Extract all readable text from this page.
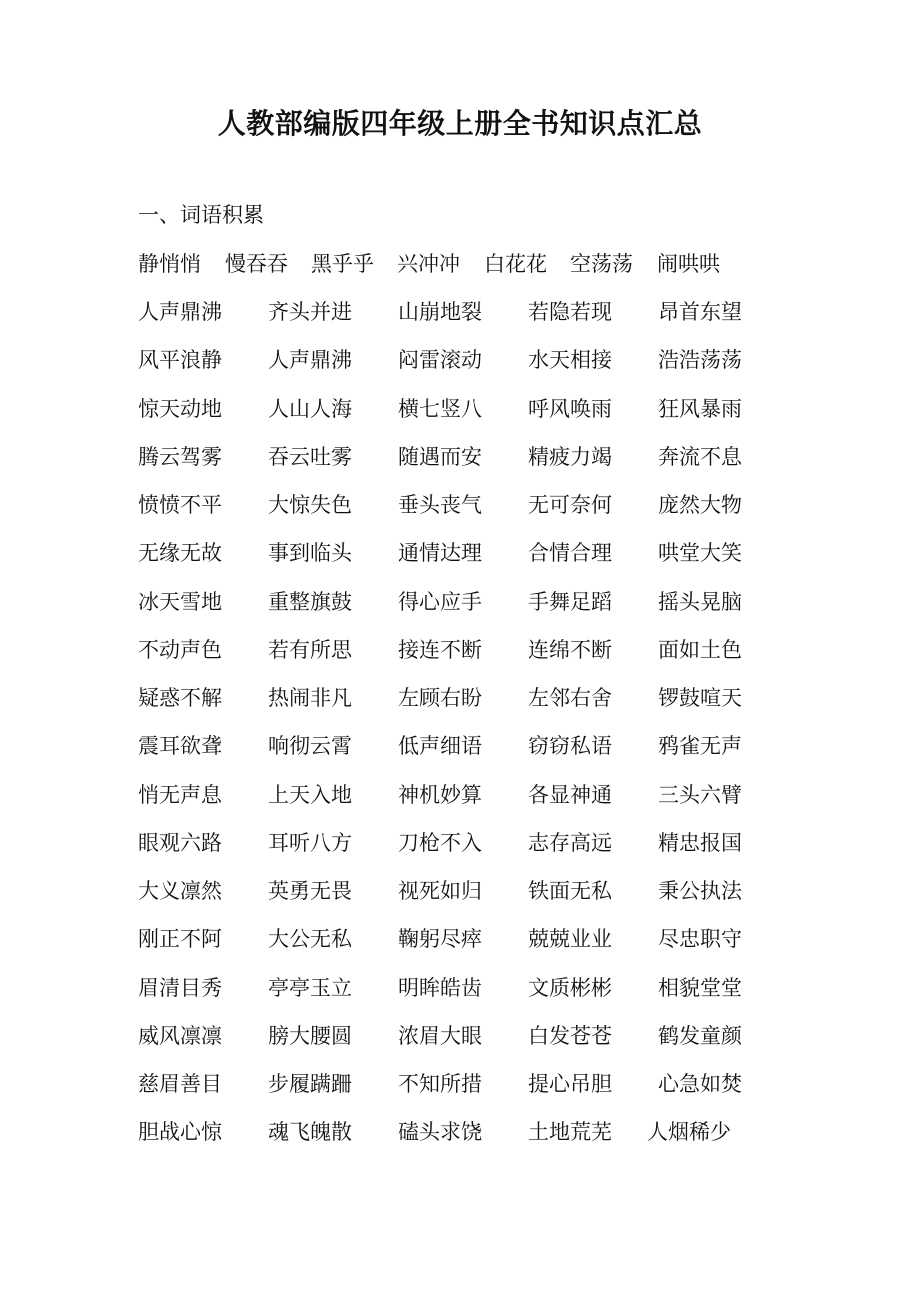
人教部编版四年级上册全书知识点汇总
一、词语积累
静悄悄 慢吞吞 黑乎乎 兴冲冲 白花花 空荡荡 闹哄哄
人声鼎沸 齐头并进 山崩地裂 若隐若现 昂首东望
风平浪静 人声鼎沸 闷雷滚动 水天相接 浩浩荡荡
惊天动地 人山人海 横七竖八 呼风唤雨 狂风暴雨
腾云驾雾 吞云吐雾 随遇而安 精疲力竭 奔流不息
愤愤不平 大惊失色 垂头丧气 无可奈何 庞然大物
无缘无故 事到临头 通情达理 合情合理 哄堂大笑
冰天雪地 重整旗鼓 得心应手 手舞足蹈 摇头晃脑
不动声色 若有所思 接连不断 连绵不断 面如土色
疑惑不解 热闹非凡 左顾右盼 左邻右舍 锣鼓喧天
震耳欲聋 响彻云霄 低声细语 窃窃私语 鸦雀无声
悄无声息 上天入地 神机妙算 各显神通 三头六臂
眼观六路 耳听八方 刀枪不入 志存高远 精忠报国
大义凛然 英勇无畏 视死如归 铁面无私 秉公执法
刚正不阿 大公无私 鞠躬尽瘁 兢兢业业 尽忠职守
眉清目秀 亭亭玉立 明眸皓齿 文质彬彬 相貌堂堂
威风凛凛 膀大腰圆 浓眉大眼 白发苍苍 鹤发童颜
慈眉善目 步履蹒跚 不知所措 提心吊胆 心急如焚
胆战心惊 魂飞魄散 磕头求饶 土地荒芜 人烟稀少
